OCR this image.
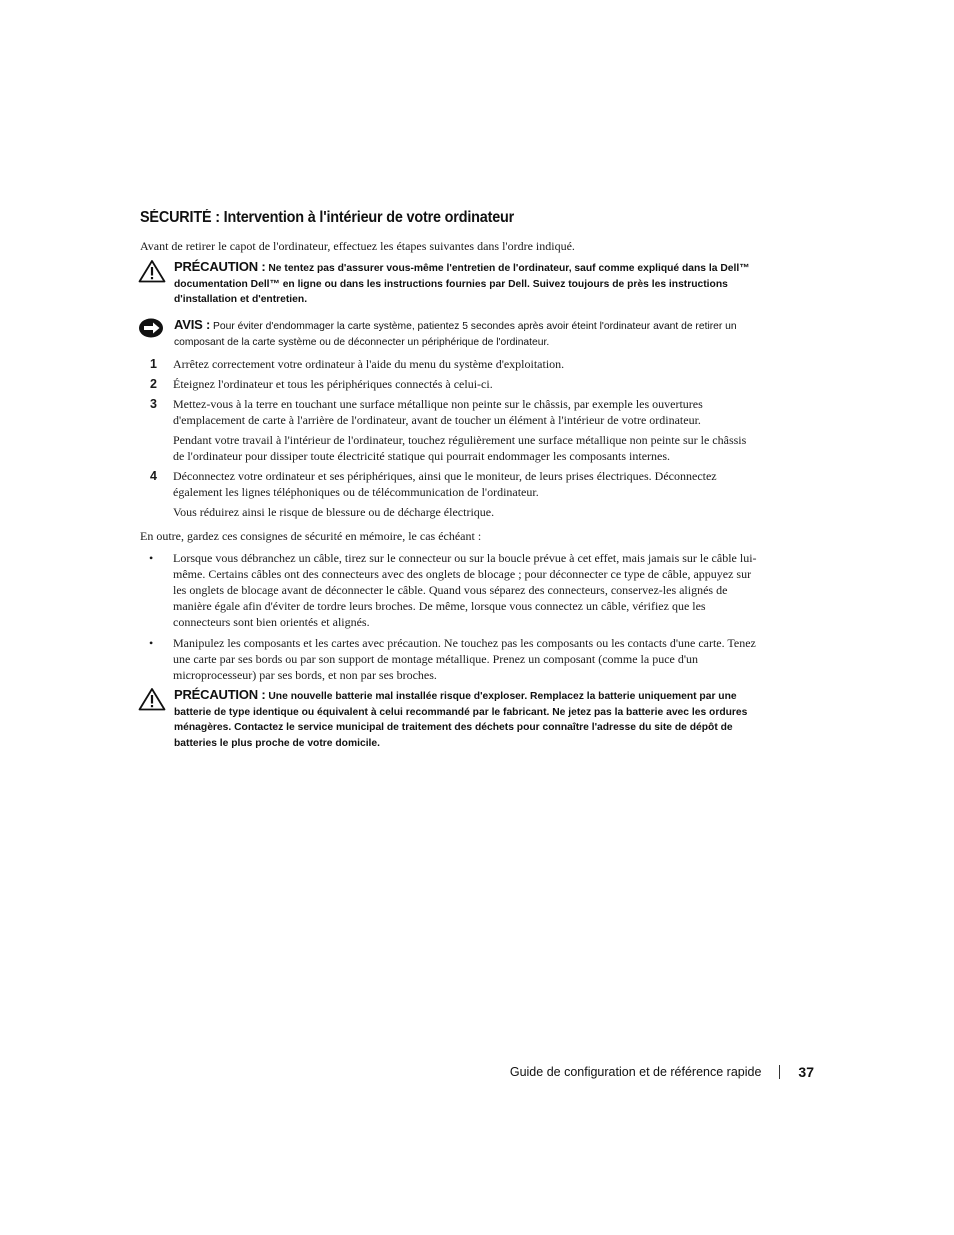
SÉCURITÉ : Intervention à l'intérieur de votre ordinateur
Avant de retirer le capot de l'ordinateur, effectuez les étapes suivantes dans l'ordre indiqué.
PRÉCAUTION : Ne tentez pas d'assurer vous-même l'entretien de l'ordinateur, sauf comme expliqué dans la Dell™ documentation Dell™ en ligne ou dans les instructions fournies par Dell. Suivez toujours de près les instructions d'installation et d'entretien.
AVIS : Pour éviter d'endommager la carte système, patientez 5 secondes après avoir éteint l'ordinateur avant de retirer un composant de la carte système ou de déconnecter un périphérique de l'ordinateur.
1 Arrêtez correctement votre ordinateur à l'aide du menu du système d'exploitation.

2 Éteignez l'ordinateur et tous les périphériques connectés à celui-ci.

3 Mettez-vous à la terre en touchant une surface métallique non peinte sur le châssis, par exemple les ouvertures d'emplacement de carte à l'arrière de l'ordinateur, avant de toucher un élément à l'intérieur de votre ordinateur.

Pendant votre travail à l'intérieur de l'ordinateur, touchez régulièrement une surface métallique non peinte sur le châssis de l'ordinateur pour dissiper toute électricité statique qui pourrait endommager les composants internes.

4 Déconnectez votre ordinateur et ses périphériques, ainsi que le moniteur, de leurs prises électriques. Déconnectez également les lignes téléphoniques ou de télécommunication de l'ordinateur.

Vous réduirez ainsi le risque de blessure ou de décharge électrique.

En outre, gardez ces consignes de sécurité en mémoire, le cas échéant :

• Lorsque vous débranchez un câble, tirez sur le connecteur ou sur la boucle prévue à cet effet, mais jamais sur le câble lui-même. Certains câbles ont des connecteurs avec des onglets de blocage ; pour déconnecter ce type de câble, appuyez sur les onglets de blocage avant de déconnecter le câble. Quand vous séparez des connecteurs, conservez-les alignés de manière égale afin d'éviter de tordre leurs broches. De même, lorsque vous connectez un câble, vérifiez que les connecteurs sont bien orientés et alignés.

• Manipulez les composants et les cartes avec précaution. Ne touchez pas les composants ou les contacts d'une carte. Tenez une carte par ses bords ou par son support de montage métallique. Prenez un composant (comme la puce d'un microprocesseur) par ses bords, et non par ses broches.

PRÉCAUTION : Une nouvelle batterie mal installée risque d'exploser. Remplacez la batterie uniquement par une batterie de type identique ou équivalent à celui recommandé par le fabricant. Ne jetez pas la batterie avec les ordures ménagères. Contactez le service municipal de traitement des déchets pour connaître l'adresse du site de dépôt de batteries le plus proche de votre domicile.
Guide de configuration et de référence rapide	37
